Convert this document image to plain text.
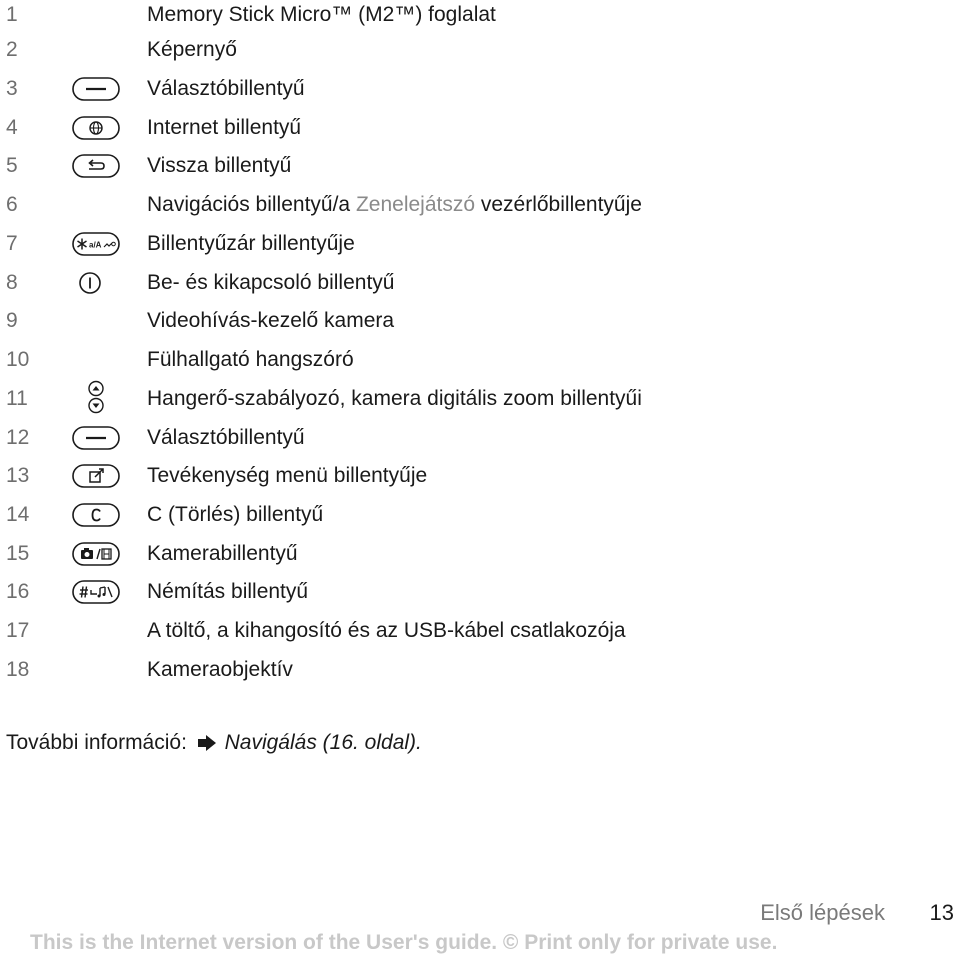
1	Memory Stick Micro™ (M2™) foglalat
2	Képernyő
3	Választóbillentyű
4	Internet billentyű
5	Vissza billentyű
6	Navigációs billentyű/a Zenelejátszó vezérlőbillentyűje
7	a/A Billentyűzár billentyűje
8	Be- és kikapcsoló billentyű
9	Videohívás-kezelő kamera
10	Fülhallgató hangszóró
11	Hangerő-szabályozó, kamera digitális zoom billentyűi
12	Választóbillentyű
13	Tevékenység menü billentyűje
14	C (Törlés) billentyű
15	Kamerabillentyű
16	Némítás billentyű
17	A töltő, a kihangosító és az USB-kábel csatlakozója
18	Kameraobjektív
További információ: Navigálás (16. oldal).
Első lépések 13
This is the Internet version of the User's guide. © Print only for private use.
